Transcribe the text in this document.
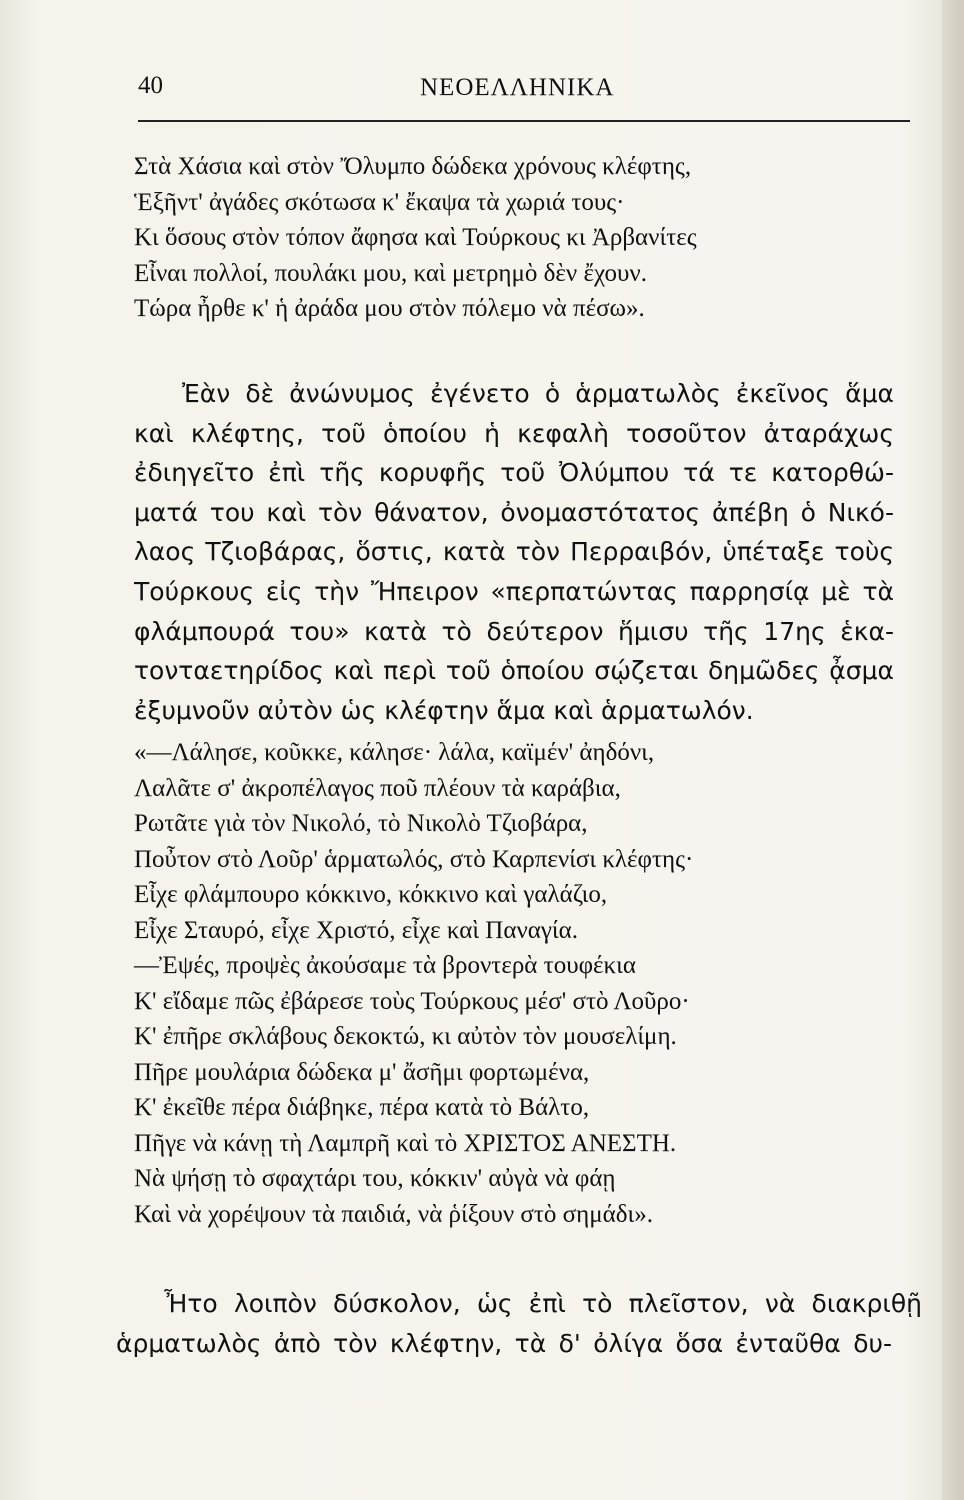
40	ΝΕΟΕΛΛΗΝΙΚΑ
Στὰ Χάσια καὶ στὸν Ὄλυμπο δώδεκα χρόνους κλέφτης,
Ἑξῆντ' ἀγάδες σκότωσα κ' ἔκαψα τὰ χωριά τους·
Κι ὅσους στὸν τόπον ἄφησα καὶ Τούρκους κι Ἀρβανίτες
Εἶναι πολλοί, πουλάκι μου, καὶ μετρημὸ δὲν ἔχουν.
Τώρα ἦρθε κ' ἡ ἀράδα μου στὸν πόλεμο νὰ πέσω».
Ἐὰν δὲ ἀνώνυμος ἐγένετο ὁ ἁρματωλὸς ἐκεῖνος ἅμα
καὶ κλέφτης, τοῦ ὁποίου ἡ κεφαλὴ τοσοῦτον ἀταράχως
ἐδιηγεῖτο ἐπὶ τῆς κορυφῆς τοῦ Ὀλύμπου τά τε κατορθώ-
ματά του καὶ τὸν θάνατον, ὀνομαστότατος ἀπέβη ὁ Νικό-
λαος Τζιοβάρας, ὅστις, κατὰ τὸν Περραιβόν, ὑπέταξε τοὺς
Τούρκους εἰς τὴν Ἤπειρον «περπατώντας παρρησίᾳ μὲ τὰ
φλάμπουρά του» κατὰ τὸ δεύτερον ἥμισυ τῆς 17ης ἑκα-
τονταετηρίδος καὶ περὶ τοῦ ὁποίου σῴζεται δημῶδες ᾆσμα
ἐξυμνοῦν αὐτὸν ὡς κλέφτην ἅμα καὶ ἁρματωλόν.
«—Λάλησε, κοῦκκε, κάλησε· λάλα, καϊμέν' ἀηδόνι,
Λαλᾶτε σ' ἀκροπέλαγος ποῦ πλέουν τὰ καράβια,
Ρωτᾶτε γιὰ τὸν Νικολό, τὸ Νικολὸ Τζιοβάρα,
Ποὖτον στὸ Λοῦρ' ἁρματωλός, στὸ Καρπενίσι κλέφτης·
Εἶχε φλάμπουρο κόκκινο, κόκκινο καὶ γαλάζιο,
Εἶχε Σταυρό, εἶχε Χριστό, εἶχε καὶ Παναγία.
—Ἐψές, προψὲς ἀκούσαμε τὰ βροντερὰ τουφέκια
Κ' εἴδαμε πῶς ἐβάρεσε τοὺς Τούρκους μέσ' στὸ Λοῦρο·
Κ' ἐπῆρε σκλάβους δεκοκτώ, κι αὐτὸν τὸν μουσελίμη.
Πῆρε μουλάρια δώδεκα μ' ἄσῆμι φορτωμένα,
Κ' ἐκεῖθε πέρα διάβηκε, πέρα κατὰ τὸ Βάλτο,
Πῆγε νὰ κάνῃ τὴ Λαμπρῆ καὶ τὸ ΧΡΙΣΤΟΣ ΑΝΕΣΤΗ.
Νὰ ψήσῃ τὸ σφαχτάρι του, κόκκιν' αὐγὰ νὰ φάῃ
Καὶ νὰ χορέψουν τὰ παιδιά, νὰ ῥίξουν στὸ σημάδι».
Ἦτο λοιπὸν δύσκολον, ὡς ἐπὶ τὸ πλεῖστον, νὰ διακριθῇ
ἁρματωλὸς ἀπὸ τὸν κλέφτην, τὰ δ' ὀλίγα ὅσα ἐνταῦθα δυ-
